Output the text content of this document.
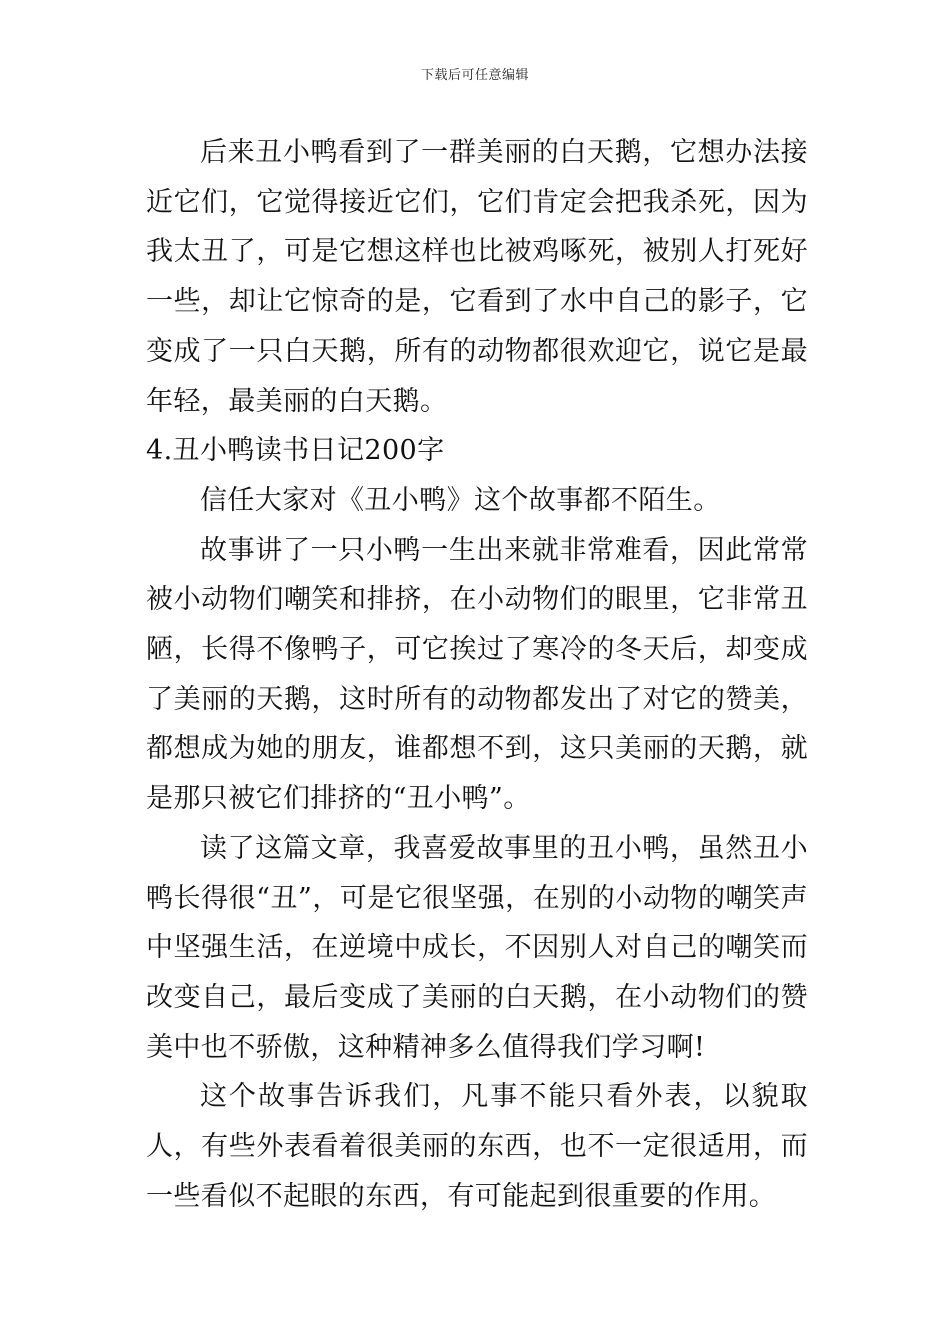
下载后可任意编辑

后来丑小鸭看到了一群美丽的白天鹅，它想办法接近它们，它觉得接近它们，它们肯定会把我杀死，因为我太丑了，可是它想这样也比被鸡啄死，被别人打死好一些，却让它惊奇的是，它看到了水中自己的影子，它变成了一只白天鹅，所有的动物都很欢迎它，说它是最年轻，最美丽的白天鹅。

4.丑小鸭读书日记200字

信任大家对《丑小鸭》这个故事都不陌生。

故事讲了一只小鸭一生出来就非常难看，因此常常被小动物们嘲笑和排挤，在小动物们的眼里，它非常丑陋，长得不像鸭子，可它挨过了寒冷的冬天后，却变成了美丽的天鹅，这时所有的动物都发出了对它的赞美，都想成为她的朋友，谁都想不到，这只美丽的天鹅，就是那只被它们排挤的“丑小鸭”。

读了这篇文章，我喜爱故事里的丑小鸭，虽然丑小鸭长得很“丑”，可是它很坚强，在别的小动物的嘲笑声中坚强生活，在逆境中成长，不因别人对自己的嘲笑而改变自己，最后变成了美丽的白天鹅，在小动物们的赞美中也不骄傲，这种精神多么值得我们学习啊!

这个故事告诉我们，凡事不能只看外表，以貌取人，有些外表看着很美丽的东西，也不一定很适用，而一些看似不起眼的东西，有可能起到很重要的作用。
